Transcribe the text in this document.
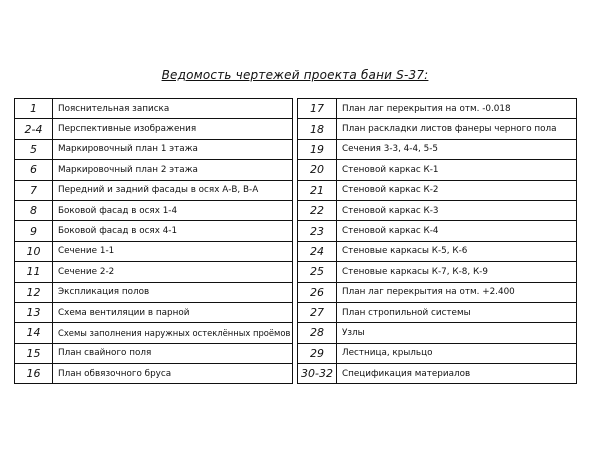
Ведомость чертежей проекта бани S-37:
1	Пояснительная записка
2-4	Перспективные изображения
5	Маркировочный план 1 этажа
6	Маркировочный план 2 этажа
7	Передний и задний фасады в осях А-В, В-А
8	Боковой фасад в осях 1-4
9	Боковой фасад в осях 4-1
10	Сечение 1-1
11	Сечение 2-2
12	Экспликация полов
13	Схема вентиляции в парной
14	Схемы заполнения наружных остеклённых проёмов
15	План свайного поля
16	План обвязочного бруса
17	План лаг перекрытия на отм. -0.018
18	План раскладки листов фанеры черного пола
19	Сечения 3-3, 4-4, 5-5
20	Стеновой каркас К-1
21	Стеновой каркас К-2
22	Стеновой каркас К-3
23	Стеновой каркас К-4
24	Стеновые каркасы К-5, К-6
25	Стеновые каркасы К-7, К-8, К-9
26	План лаг перекрытия на отм. +2.400
27	План стропильной системы
28	Узлы
29	Лестница, крыльцо
30-32	Спецификация материалов
